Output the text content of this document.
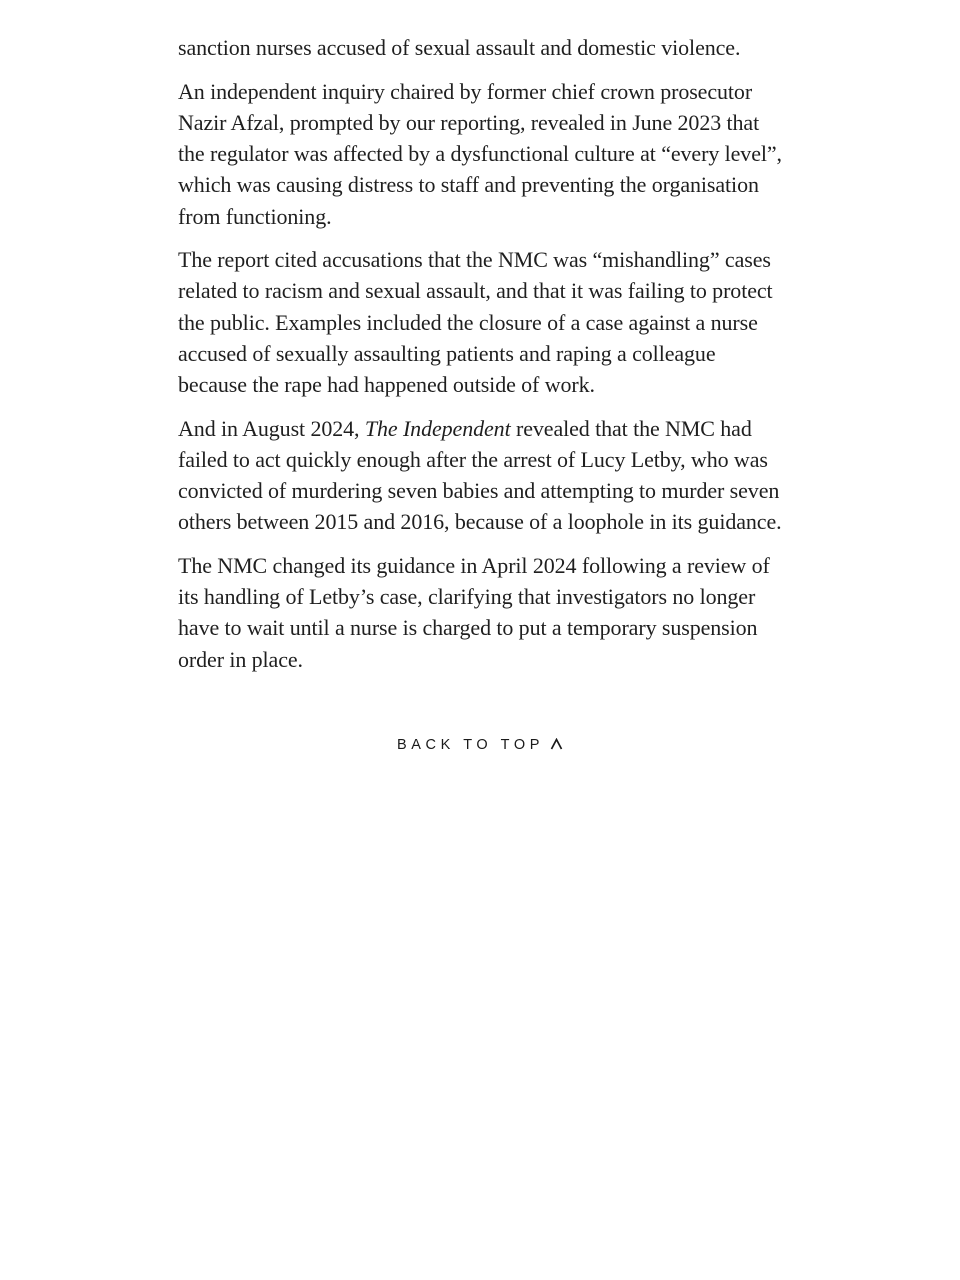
sanction nurses accused of sexual assault and domestic violence.

An independent inquiry chaired by former chief crown prosecutor Nazir Afzal, prompted by our reporting, revealed in June 2023 that the regulator was affected by a dysfunctional culture at “every level”, which was causing distress to staff and preventing the organisation from functioning.

The report cited accusations that the NMC was “mishandling” cases related to racism and sexual assault, and that it was failing to protect the public. Examples included the closure of a case against a nurse accused of sexually assaulting patients and raping a colleague because the rape had happened outside of work.

And in August 2024, The Independent revealed that the NMC had failed to act quickly enough after the arrest of Lucy Letby, who was convicted of murdering seven babies and attempting to murder seven others between 2015 and 2016, because of a loophole in its guidance.

The NMC changed its guidance in April 2024 following a review of its handling of Letby’s case, clarifying that investigators no longer have to wait until a nurse is charged to put a temporary suspension order in place.

BACK TO TOP
